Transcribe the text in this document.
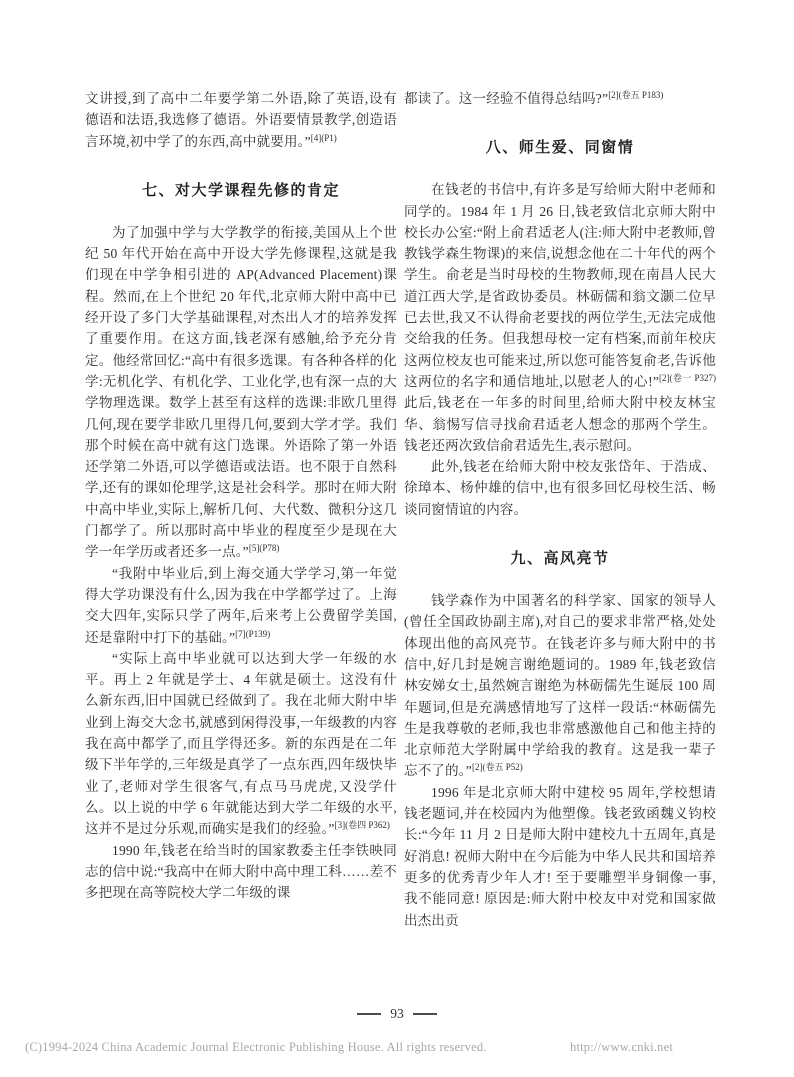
文讲授,到了高中二年要学第二外语,除了英语,设有德语和法语,我选修了德语。外语要情景教学,创造语言环境,初中学了的东西,高中就要用。”$^{[4](P1)}$

七、对大学课程先修的肯定

为了加强中学与大学教学的衔接,美国从上个世纪 50 年代开始在高中开设大学先修课程,这就是我们现在中学争相引进的 AP(Advanced Placement)课程。然而,在上个世纪 20 年代,北京师大附中高中已经开设了多门大学基础课程,对杰出人才的培养发挥了重要作用。在这方面,钱老深有感触,给予充分肯定。他经常回忆:“高中有很多选课。有各种各样的化学:无机化学、有机化学、工业化学,也有深一点的大学物理选课。数学上甚至有这样的选课:非欧几里得几何,现在要学非欧几里得几何,要到大学才学。我们那个时候在高中就有这门选课。外语除了第一外语还学第二外语,可以学德语或法语。也不限于自然科学,还有的课如伦理学,这是社会科学。那时在师大附中高中毕业,实际上,解析几何、大代数、微积分这几门都学了。所以那时高中毕业的程度至少是现在大学一年学历或者还多一点。”$^{[5](P78)}$

“我附中毕业后,到上海交通大学学习,第一年觉得大学功课没有什么,因为我在中学都学过了。上海交大四年,实际只学了两年,后来考上公费留学美国,还是靠附中打下的基础。”$^{[7](P139)}$

“实际上高中毕业就可以达到大学一年级的水平。再上 2 年就是学士、4 年就是硕士。这没有什么新东西,旧中国就已经做到了。我在北师大附中毕业到上海交大念书,就感到闲得没事,一年级教的内容我在高中都学了,而且学得还多。新的东西是在二年级下半年学的,三年级是真学了一点东西,四年级快毕业了,老师对学生很客气,有点马马虎虎,又没学什么。以上说的中学 6 年就能达到大学二年级的水平,这并不是过分乐观,而确实是我们的经验。”$^{[3](卷四 P362)}$

1990 年,钱老在给当时的国家教委主任李铁映同志的信中说:“我高中在师大附中高中理工科……差不多把现在高等院校大学二年级的课

都读了。这一经验不值得总结吗?”$^{[2](卷五 P183)}$

八、师生爱、同窗情

在钱老的书信中,有许多是写给师大附中老师和同学的。1984 年 1 月 26 日,钱老致信北京师大附中校长办公室:“附上俞君适老人(注:师大附中老教师,曾教钱学森生物课)的来信,说想念他在二十年代的两个学生。俞老是当时母校的生物教师,现在南昌人民大道江西大学,是省政协委员。林砺儒和翁文灏二位早已去世,我又不认得俞老要找的两位学生,无法完成他交给我的任务。但我想母校一定有档案,而前年校庆这两位校友也可能来过,所以您可能答复俞老,告诉他这两位的名字和通信地址,以慰老人的心!”$^{[2](卷一 P327)}$ 此后,钱老在一年多的时间里,给师大附中校友林宝华、翁惕写信寻找俞君适老人想念的那两个学生。钱老还两次致信俞君适先生,表示慰问。

此外,钱老在给师大附中校友张岱年、于浩成、徐璋本、杨仲雄的信中,也有很多回忆母校生活、畅谈同窗情谊的内容。

九、高风亮节

钱学森作为中国著名的科学家、国家的领导人(曾任全国政协副主席),对自己的要求非常严格,处处体现出他的高风亮节。在钱老许多与师大附中的书信中,好几封是婉言谢绝题词的。1989 年,钱老致信林安娣女士,虽然婉言谢绝为林砺儒先生诞辰 100 周年题词,但是充满感情地写了这样一段话:“林砺儒先生是我尊敬的老师,我也非常感激他自己和他主持的北京师范大学附属中学给我的教育。这是我一辈子忘不了的。”$^{[2](卷五 P52)}$

1996 年是北京师大附中建校 95 周年,学校想请钱老题词,并在校园内为他塑像。钱老致函魏义钧校长:“今年 11 月 2 日是师大附中建校九十五周年,真是好消息! 祝师大附中在今后能为中华人民共和国培养更多的优秀青少年人才! 至于要雕塑半身铜像一事,我不能同意! 原因是:师大附中校友中对党和国家做出杰出贡

93
(C)1994-2024 China Academic Journal Electronic Publishing House. All rights reserved.	http://www.cnki.net
